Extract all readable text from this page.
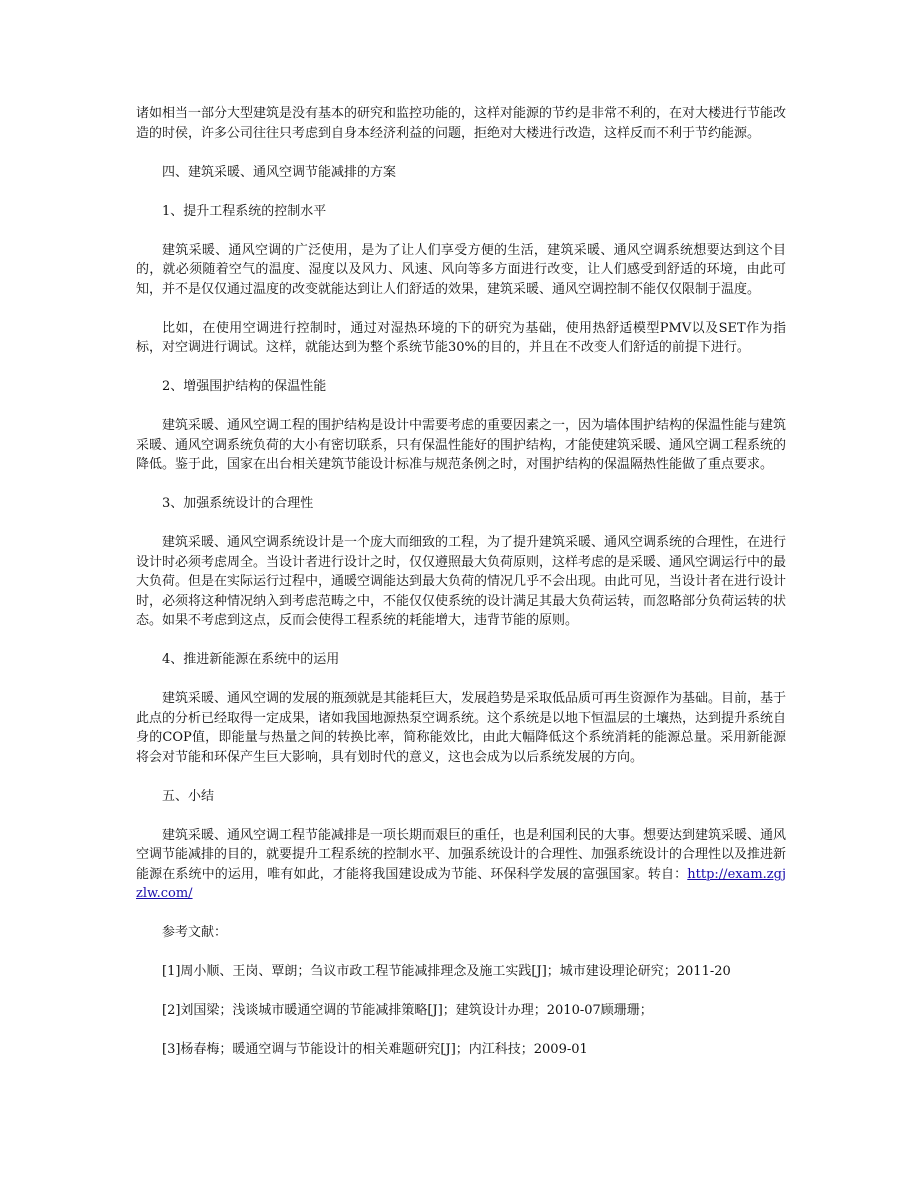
诸如相当一部分大型建筑是没有基本的研究和监控功能的，这样对能源的节约是非常不利的，在对大楼进行节能改造的时侯，许多公司往往只考虑到自身本经济利益的问题，拒绝对大楼进行改造，这样反而不利于节约能源。

四、建筑采暖、通风空调节能减排的方案

1、提升工程系统的控制水平

建筑采暖、通风空调的广泛使用，是为了让人们享受方便的生活，建筑采暖、通风空调系统想要达到这个目的，就必须随着空气的温度、湿度以及风力、风速、风向等多方面进行改变，让人们感受到舒适的环境，由此可知，并不是仅仅通过温度的改变就能达到让人们舒适的效果，建筑采暖、通风空调控制不能仅仅限制于温度。

比如，在使用空调进行控制时，通过对湿热环境的下的研究为基础，使用热舒适模型PMV以及SET作为指标，对空调进行调试。这样，就能达到为整个系统节能30%的目的，并且在不改变人们舒适的前提下进行。

2、增强围护结构的保温性能

建筑采暖、通风空调工程的围护结构是设计中需要考虑的重要因素之一，因为墙体围护结构的保温性能与建筑采暖、通风空调系统负荷的大小有密切联系，只有保温性能好的围护结构，才能使建筑采暖、通风空调工程系统的降低。鉴于此，国家在出台相关建筑节能设计标准与规范条例之时，对围护结构的保温隔热性能做了重点要求。

3、加强系统设计的合理性

建筑采暖、通风空调系统设计是一个庞大而细致的工程，为了提升建筑采暖、通风空调系统的合理性，在进行设计时必须考虑周全。当设计者进行设计之时，仅仅遵照最大负荷原则，这样考虑的是采暖、通风空调运行中的最大负荷。但是在实际运行过程中，通暖空调能达到最大负荷的情况几乎不会出现。由此可见，当设计者在进行设计时，必须将这种情况纳入到考虑范畴之中，不能仅仅使系统的设计满足其最大负荷运转，而忽略部分负荷运转的状态。如果不考虑到这点，反而会使得工程系统的耗能增大，违背节能的原则。

4、推进新能源在系统中的运用

建筑采暖、通风空调的发展的瓶颈就是其能耗巨大，发展趋势是采取低品质可再生资源作为基础。目前，基于此点的分析已经取得一定成果，诸如我国地源热泵空调系统。这个系统是以地下恒温层的土壤热，达到提升系统自身的COP值，即能量与热量之间的转换比率，简称能效比，由此大幅降低这个系统消耗的能源总量。采用新能源将会对节能和环保产生巨大影响，具有划时代的意义，这也会成为以后系统发展的方向。

五、小结

建筑采暖、通风空调工程节能减排是一项长期而艰巨的重任，也是利国利民的大事。想要达到建筑采暖、通风空调节能减排的目的，就要提升工程系统的控制水平、加强系统设计的合理性、加强系统设计的合理性以及推进新能源在系统中的运用，唯有如此，才能将我国建设成为节能、环保科学发展的富强国家。转自：http://exam.zgjzlw.com/

参考文献：

[1]周小顺、王岗、覃朗；刍议市政工程节能减排理念及施工实践[J]；城市建设理论研究；2011-20

[2]刘国梁；浅谈城市暖通空调的节能减排策略[J]；建筑设计办理；2010-07顾珊珊；

[3]杨春梅；暖通空调与节能设计的相关难题研究[J]；内江科技；2009-01
